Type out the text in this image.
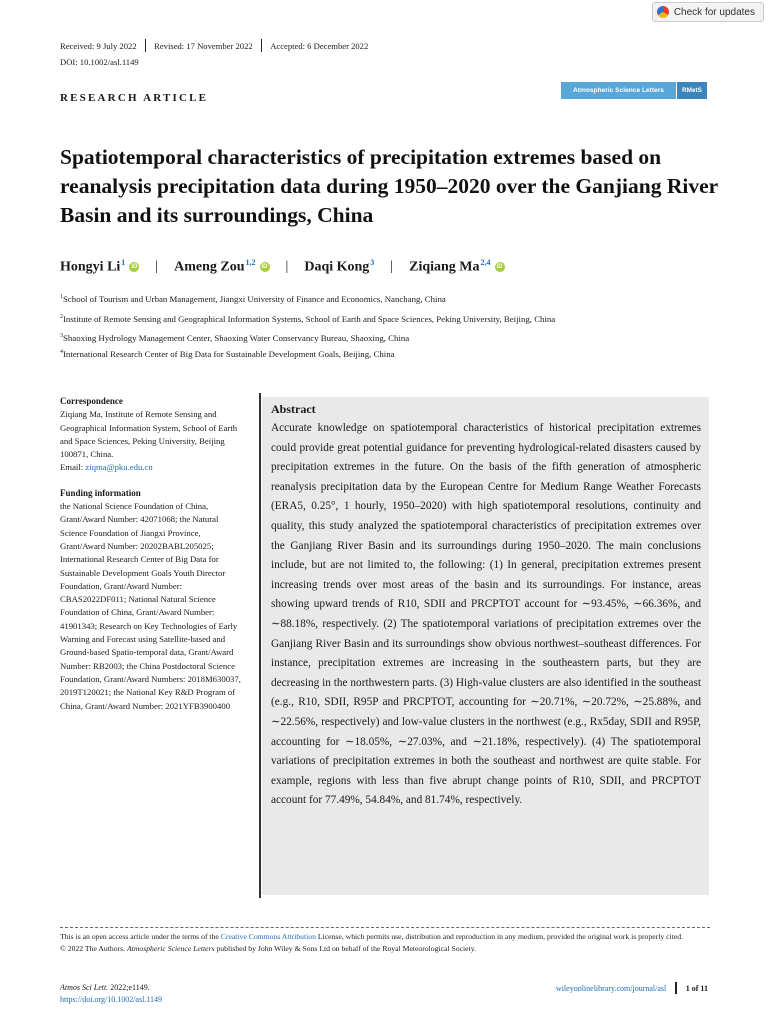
Check for updates
Received: 9 July 2022 Revised: 17 November 2022 Accepted: 6 December 2022
DOI: 10.1002/asl.1149
RESEARCH ARTICLE
Atmospheric Science Letters	RMetS
Spatiotemporal characteristics of precipitation extremes based on reanalysis precipitation data during 1950–2020 over the Ganjiang River Basin and its surroundings, China
Hongyi Li$^1$	iD | Ameng Zou$^{1,2}$	iD | Daqi Kong$^3$ | Ziqiang Ma$^{2,4}$	iD
$^1$School of Tourism and Urban Management, Jiangxi University of Finance and Economics, Nanchang, China
$^2$Institute of Remote Sensing and Geographical Information Systems, School of Earth and Space Sciences, Peking University, Beijing, China
$^3$Shaoxing Hydrology Management Center, Shaoxing Water Conservancy Bureau, Shaoxing, China
$^4$International Research Center of Big Data for Sustainable Development Goals, Beijing, China
Correspondence
Ziqiang Ma, Institute of Remote Sensing and Geographical Information System, School of Earth and Space Sciences, Peking University, Beijing 100871, China.
Email: ziqma@pku.edu.cn
Funding information
the National Science Foundation of China, Grant/Award Number: 42071068; the Natural Science Foundation of Jiangxi Province, Grant/Award Number: 20202BABL205025; International Research Center of Big Data for Sustainable Development Goals Youth Director Foundation, Grant/Award Number: CBAS2022DF011; National Natural Science Foundation of China, Grant/Award Number: 41901343; Research on Key Technologies of Early Warning and Forecast using Satellite-based and Ground-based Spatio-temporal data, Grant/Award Number: RB2003; the China Postdoctoral Science Foundation, Grant/Award Numbers: 2018M630037, 2019T120021; the National Key R&D Program of China, Grant/Award Number: 2021YFB3900400
Abstract
Accurate knowledge on spatiotemporal characteristics of historical precipitation extremes could provide great potential guidance for preventing hydrological-related disasters caused by precipitation extremes in the future. On the basis of the fifth generation of atmospheric reanalysis precipitation data by the European Centre for Medium Range Weather Forecasts (ERA5, 0.25°, 1 hourly, 1950–2020) with high spatiotemporal resolutions, continuity and quality, this study analyzed the spatiotemporal characteristics of precipitation extremes over the Ganjiang River Basin and its surroundings during 1950–2020. The main conclusions include, but are not limited to, the following: (1) In general, precipitation extremes present increasing trends over most areas of the basin and its surroundings. For instance, areas showing upward trends of R10, SDII and PRCPTOT account for ∼93.45%, ∼66.36%, and ∼88.18%, respectively. (2) The spatiotemporal variations of precipitation extremes over the Ganjiang River Basin and its surroundings show obvious northwest–southeast differences. For instance, precipitation extremes are increasing in the southeastern parts, but they are decreasing in the northwestern parts. (3) High-value clusters are also identified in the southeast (e.g., R10, SDII, R95P and PRCPTOT, accounting for ∼20.71%, ∼20.72%, ∼25.88%, and ∼22.56%, respectively) and low-value clusters in the northwest (e.g., Rx5day, SDII and R95P, accounting for ∼18.05%, ∼27.03%, and ∼21.18%, respectively). (4) The spatiotemporal variations of precipitation extremes in both the southeast and northwest are quite stable. For example, regions with less than five abrupt change points of R10, SDII, and PRCPTOT account for 77.49%, 54.84%, and 81.74%, respectively.
This is an open access article under the terms of the Creative Commons Attribution License, which permits use, distribution and reproduction in any medium, provided the original work is properly cited.
© 2022 The Authors. Atmospheric Science Letters published by John Wiley & Sons Ltd on behalf of the Royal Meteorological Society.
Atmos Sci Lett. 2022;e1149.
https://doi.org/10.1002/asl.1149
wileyonlinelibrary.com/journal/asl 1 of 11
